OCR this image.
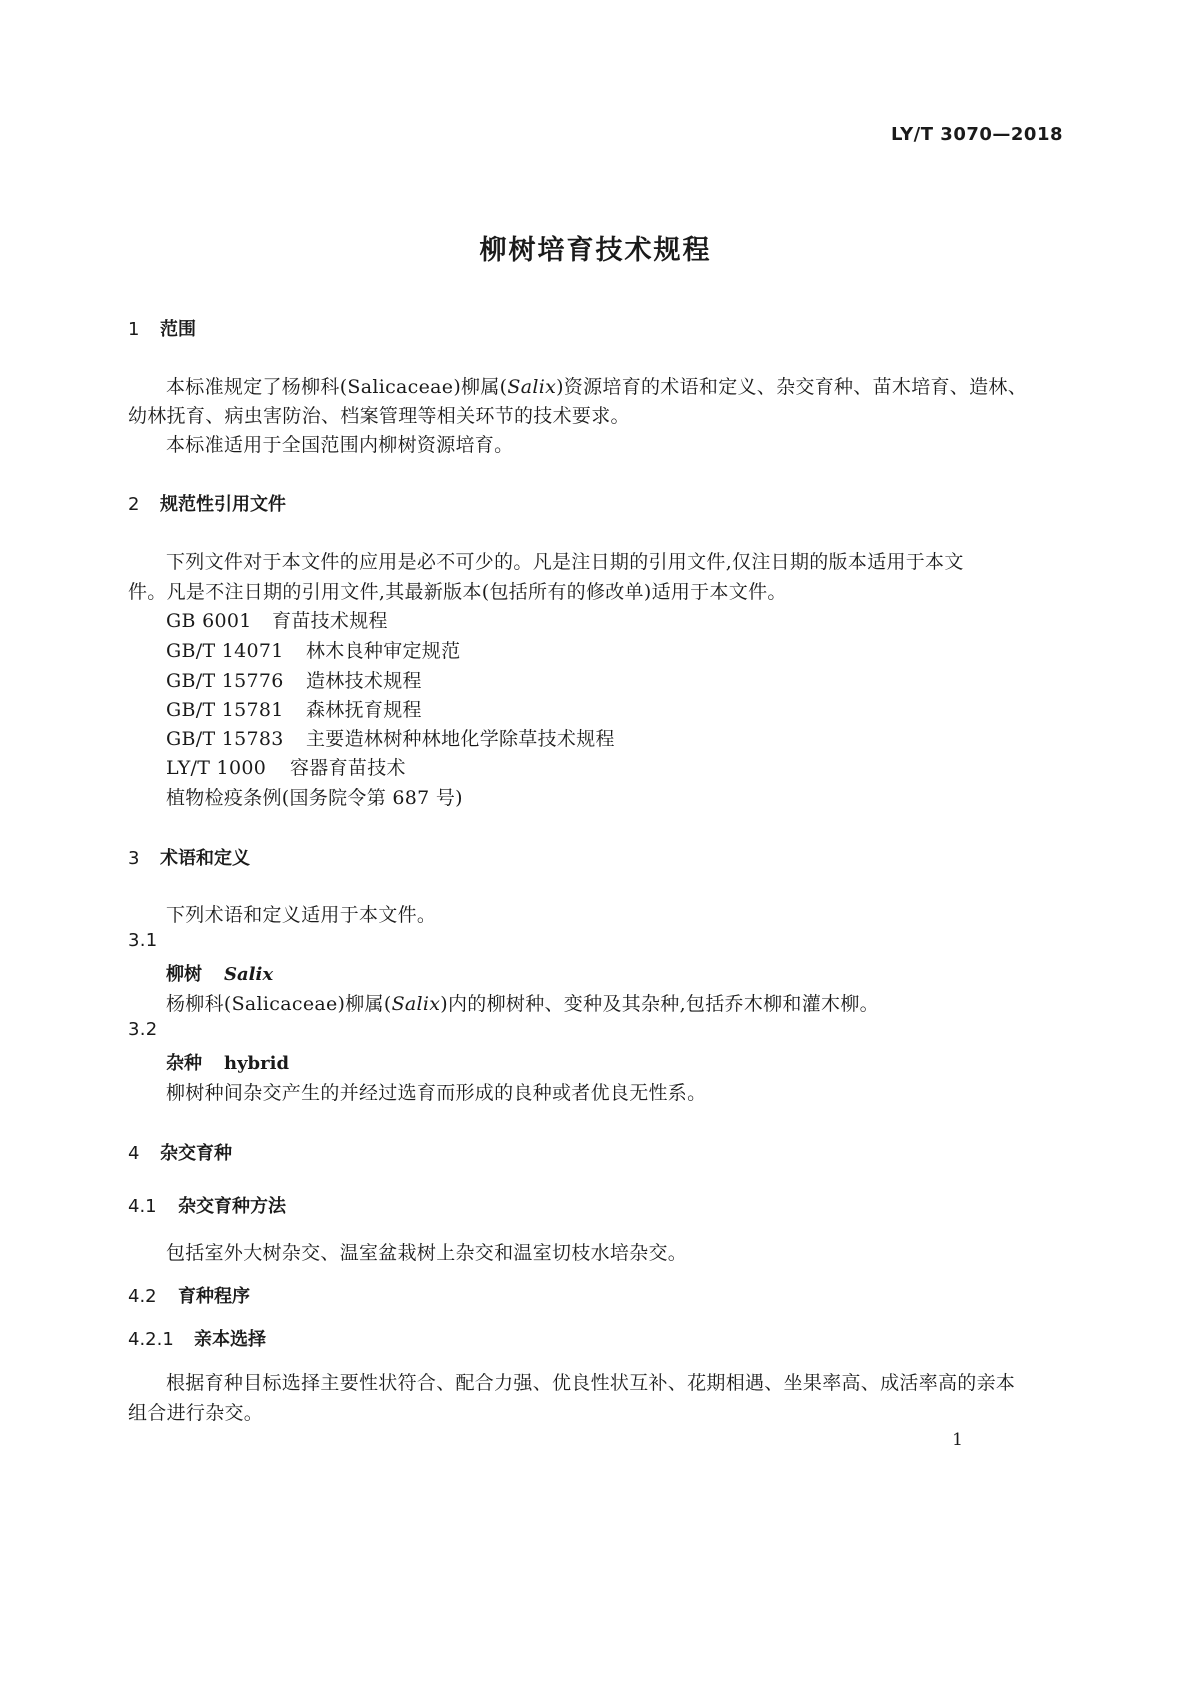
LY/T 3070—2018
柳树培育技术规程
1 范围
本标准规定了杨柳科(Salicaceae)柳属(Salix)资源培育的术语和定义、杂交育种、苗木培育、造林、
幼林抚育、病虫害防治、档案管理等相关环节的技术要求。
本标准适用于全国范围内柳树资源培育。
2 规范性引用文件
下列文件对于本文件的应用是必不可少的。凡是注日期的引用文件,仅注日期的版本适用于本文
件。凡是不注日期的引用文件,其最新版本(包括所有的修改单)适用于本文件。
GB 6001 育苗技术规程
GB/T 14071 林木良种审定规范
GB/T 15776 造林技术规程
GB/T 15781 森林抚育规程
GB/T 15783 主要造林树种林地化学除草技术规程
LY/T 1000 容器育苗技术
植物检疫条例(国务院令第 687 号)
3 术语和定义
下列术语和定义适用于本文件。
3.1
柳树 Salix
杨柳科(Salicaceae)柳属(Salix)内的柳树种、变种及其杂种,包括乔木柳和灌木柳。
3.2
杂种 hybrid
柳树种间杂交产生的并经过选育而形成的良种或者优良无性系。
4 杂交育种
4.1 杂交育种方法
包括室外大树杂交、温室盆栽树上杂交和温室切枝水培杂交。
4.2 育种程序
4.2.1 亲本选择
根据育种目标选择主要性状符合、配合力强、优良性状互补、花期相遇、坐果率高、成活率高的亲本
组合进行杂交。
1
